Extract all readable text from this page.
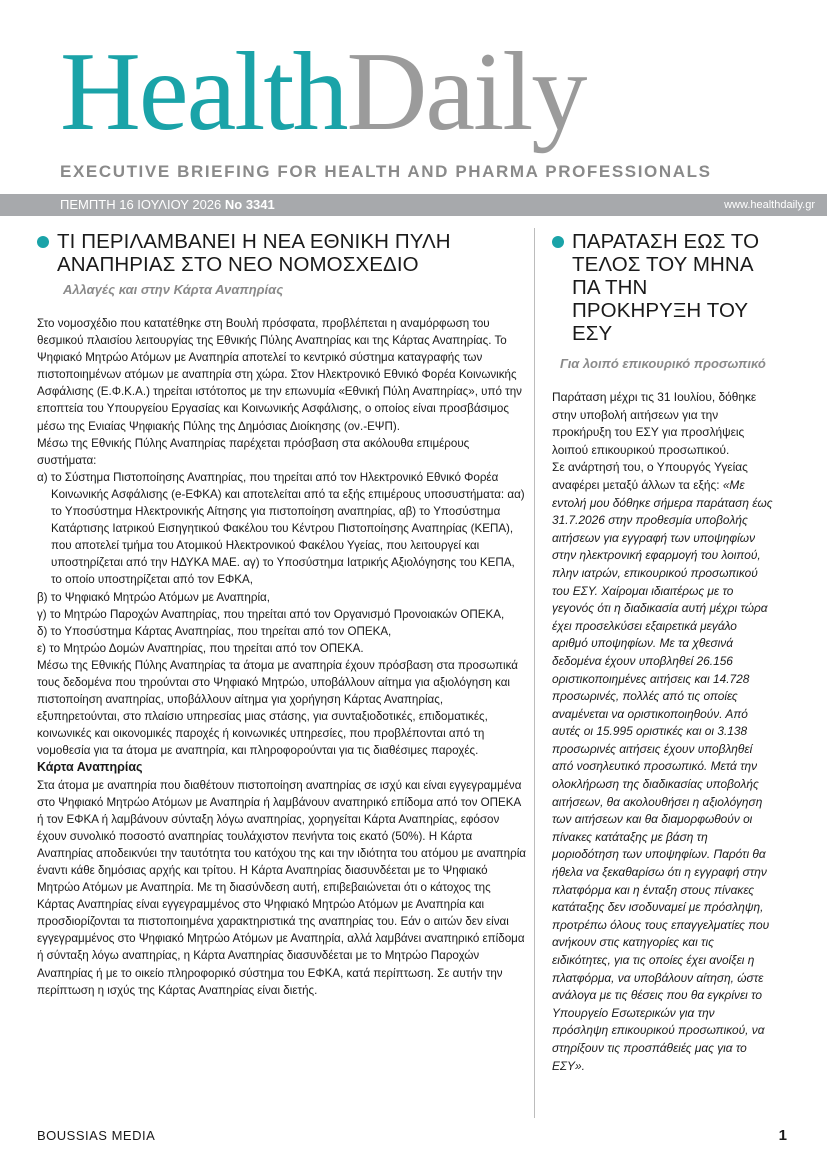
HealthDaily
EXECUTIVE BRIEFING FOR HEALTH AND PHARMA PROFESSIONALS
ΠΕΜΠΤΗ 16 ΙΟΥΛΙΟΥ 2026 No 3341	www.healthdaily.gr
ΤΙ ΠΕΡΙΛΑΜΒΑΝΕΙ Η ΝΕΑ ΕΘΝΙΚΗ ΠΥΛΗ ΑΝΑΠΗΡΙΑΣ ΣΤΟ ΝΕΟ ΝΟΜΟΣΧΕΔΙΟ
Αλλαγές και στην Κάρτα Αναπηρίας

Στο νομοσχέδιο που κατατέθηκε στη Βουλή πρόσφατα, προβλέπεται η αναμόρφωση του θεσμικού πλαισίου λειτουργίας της Εθνικής Πύλης Αναπηρίας και της Κάρτας Αναπηρίας. Το Ψηφιακό Μητρώο Ατόμων με Αναπηρία αποτελεί το κεντρικό σύστημα καταγραφής των πιστοποιημένων ατόμων με αναπηρία στη χώρα. Στον Ηλεκτρονικό Εθνικό Φορέα Κοινωνικής Ασφάλισης (Ε.Φ.Κ.Α.) τηρείται ιστότοπος με την επωνυμία «Εθνική Πύλη Αναπηρίας», υπό την εποπτεία του Υπουργείου Εργασίας και Κοινωνικής Ασφάλισης, ο οποίος είναι προσβάσιμος μέσω της Ενιαίας Ψηφιακής Πύλης της Δημόσιας Διοίκησης (ον.-ΕΨΠ).

Μέσω της Εθνικής Πύλης Αναπηρίας παρέχεται πρόσβαση στα ακόλουθα επιμέρους συστήματα:

α) το Σύστημα Πιστοποίησης Αναπηρίας, που τηρείται από τον Ηλεκτρονικό Εθνικό Φορέα Κοινωνικής Ασφάλισης (e-ΕΦΚΑ) και αποτελείται από τα εξής επιμέρους υποσυστήματα: αα) το Υποσύστημα Ηλεκτρονικής Αίτησης για πιστοποίηση αναπηρίας, αβ) το Υποσύστημα Κατάρτισης Ιατρικού Εισηγητικού Φακέλου του Κέντρου Πιστοποίησης Αναπηρίας (ΚΕΠΑ), που αποτελεί τμήμα του Ατομικού Ηλεκτρονικού Φακέλου Υγείας, που λειτουργεί και υποστηρίζεται από την ΗΔΥΚΑ ΜΑΕ. αγ) το Υποσύστημα Ιατρικής Αξιολόγησης του ΚΕΠΑ, το οποίο υποστηρίζεται από τον ΕΦΚΑ,

β) το Ψηφιακό Μητρώο Ατόμων με Αναπηρία,

γ) το Μητρώο Παροχών Αναπηρίας, που τηρείται από τον Οργανισμό Προνοιακών ΟΠΕΚΑ,

δ) το Υποσύστημα Κάρτας Αναπηρίας, που τηρείται από τον ΟΠΕΚΑ,

ε) το Μητρώο Δομών Αναπηρίας, που τηρείται από τον ΟΠΕΚΑ.

Μέσω της Εθνικής Πύλης Αναπηρίας τα άτομα με αναπηρία έχουν πρόσβαση στα προσωπικά τους δεδομένα που τηρούνται στο Ψηφιακό Μητρώο, υποβάλλουν αίτημα για αξιολόγηση και πιστοποίηση αναπηρίας, υποβάλλουν αίτημα για χορήγηση Κάρτας Αναπηρίας, εξυπηρετούνται, στο πλαίσιο υπηρεσίας μιας στάσης, για συνταξιοδοτικές, επιδοματικές, κοινωνικές και οικονομικές παροχές ή κοινωνικές υπηρεσίες, που προβλέπονται από τη νομοθεσία για τα άτομα με αναπηρία, και πληροφορούνται για τις διαθέσιμες παροχές.

Κάρτα Αναπηρίας

Στα άτομα με αναπηρία που διαθέτουν πιστοποίηση αναπηρίας σε ισχύ και είναι εγγεγραμμένα στο Ψηφιακό Μητρώο Ατόμων με Αναπηρία ή λαμβάνουν αναπηρικό επίδομα από τον ΟΠΕΚΑ ή τον ΕΦΚΑ ή λαμβάνουν σύνταξη λόγω αναπηρίας, χορηγείται Κάρτα Αναπηρίας, εφόσον έχουν συνολικό ποσοστό αναπηρίας τουλάχιστον πενήντα τοις εκατό (50%). Η Κάρτα Αναπηρίας αποδεικνύει την ταυτότητα του κατόχου της και την ιδιότητα του ατόμου με αναπηρία έναντι κάθε δημόσιας αρχής και τρίτου. Η Κάρτα Αναπηρίας διασυνδέεται με το Ψηφιακό Μητρώο Ατόμων με Αναπηρία. Με τη διασύνδεση αυτή, επιβεβαιώνεται ότι ο κάτοχος της Κάρτας Αναπηρίας είναι εγγεγραμμένος στο Ψηφιακό Μητρώο Ατόμων με Αναπηρία και προσδιορίζονται τα πιστοποιημένα χαρακτηριστικά της αναπηρίας του. Εάν ο αιτών δεν είναι εγγεγραμμένος στο Ψηφιακό Μητρώο Ατόμων με Αναπηρία, αλλά λαμβάνει αναπηρικό επίδομα ή σύνταξη λόγω αναπηρίας, η Κάρτα Αναπηρίας διασυνδέεται με το Μητρώο Παροχών Αναπηρίας ή με το οικείο πληροφορικό σύστημα του ΕΦΚΑ, κατά περίπτωση. Σε αυτήν την περίπτωση η ισχύς της Κάρτας Αναπηρίας είναι διετής.

ΠΑΡΑΤΑΣΗ ΕΩΣ ΤΟ ΤΕΛΟΣ ΤΟΥ ΜΗΝΑ ΠΑ ΤΗΝ ΠΡΟΚΗΡΥΞΗ ΤΟΥ ΕΣΥ
Για λοιπό επικουρικό προσωπικό

Παράταση μέχρι τις 31 Ιουλίου, δόθηκε στην υποβολή αιτήσεων για την προκήρυξη του ΕΣΥ για προσλήψεις λοιπού επικουρικού προσωπικού.

Σε ανάρτησή του, ο Υπουργός Υγείας αναφέρει μεταξύ άλλων τα εξής: «Με εντολή μου δόθηκε σήμερα παράταση έως 31.7.2026 στην προθεσμία υποβολής αιτήσεων για εγγραφή των υποψηφίων στην ηλεκτρονική εφαρμογή του λοιπού, πλην ιατρών, επικουρικού προσωπικού του ΕΣΥ. Χαίρομαι ιδιαιτέρως με το γεγονός ότι η διαδικασία αυτή μέχρι τώρα έχει προσελκύσει εξαιρετικά μεγάλο αριθμό υποψηφίων. Με τα χθεσινά δεδομένα έχουν υποβληθεί 26.156 οριστικοποιημένες αιτήσεις και 14.728 προσωρινές, πολλές από τις οποίες αναμένεται να οριστικοποιηθούν. Από αυτές οι 15.995 οριστικές και οι 3.138 προσωρινές αιτήσεις έχουν υποβληθεί από νοσηλευτικό προσωπικό. Μετά την ολοκλήρωση της διαδικασίας υποβολής αιτήσεων, θα ακολουθήσει η αξιολόγηση των αιτήσεων και θα διαμορφωθούν οι πίνακες κατάταξης με βάση τη μοριοδότηση των υποψηφίων. Παρότι θα ήθελα να ξεκαθαρίσω ότι η εγγραφή στην πλατφόρμα και η ένταξη στους πίνακες κατάταξης δεν ισοδυναμεί με πρόσληψη, προτρέπω όλους τους επαγγελματίες που ανήκουν στις κατηγορίες και τις ειδικότητες, για τις οποίες έχει ανοίξει η πλατφόρμα, να υποβάλουν αίτηση, ώστε ανάλογα με τις θέσεις που θα εγκρίνει το Υπουργείο Εσωτερικών για την πρόσληψη επικουρικού προσωπικού, να στηρίξουν τις προσπάθειές μας για το ΕΣΥ».

BOUSSIAS MEDIA	1
